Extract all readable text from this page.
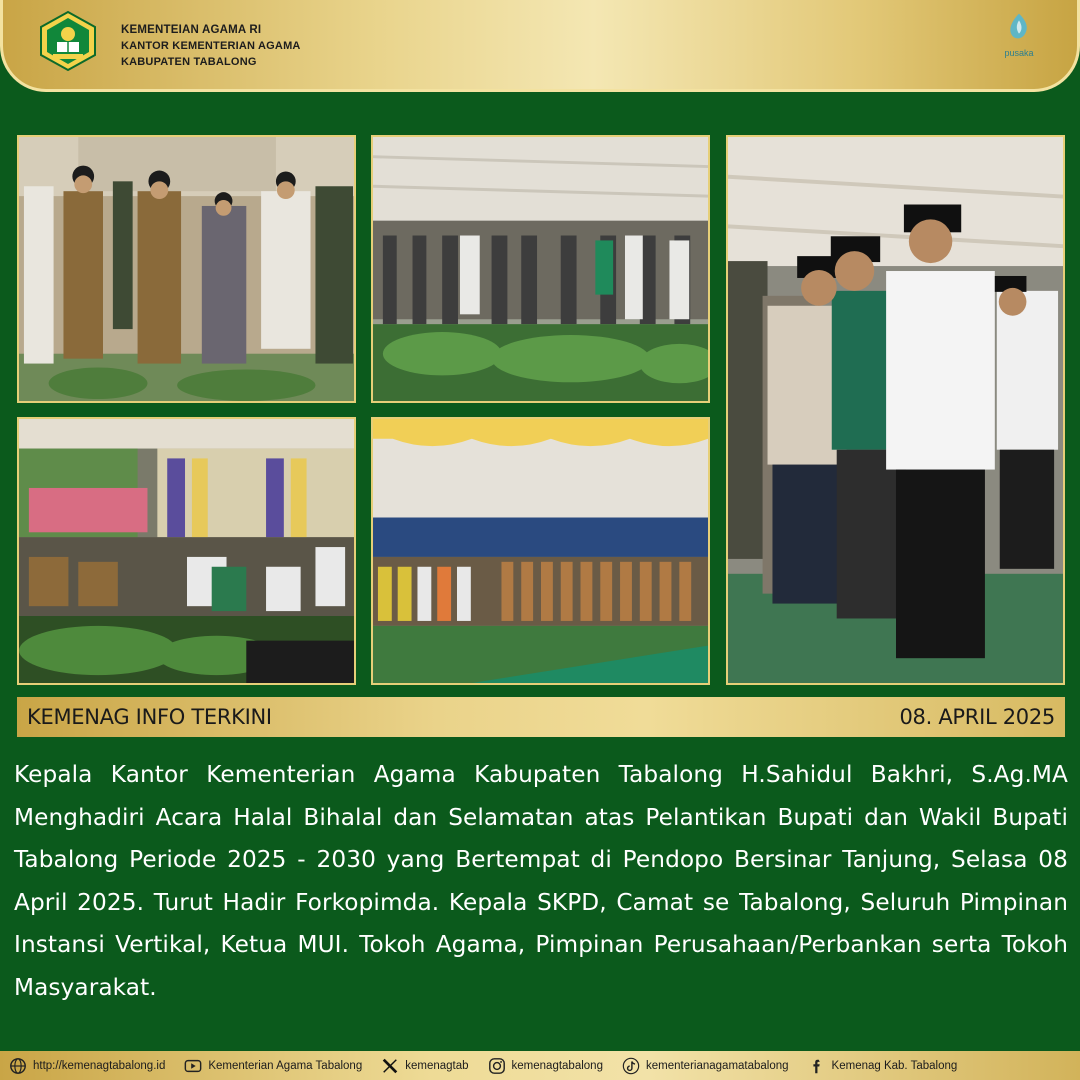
KEMENTEIAN AGAMA RI
KANTOR KEMENTERIAN AGAMA
KABUPATEN TABALONG
pusaka
KEMENAG INFO TERKINI	08. APRIL 2025
Kepala Kantor Kementerian Agama Kabupaten Tabalong H.Sahidul Bakhri, S.Ag.MA Menghadiri Acara Halal Bihalal dan Selamatan atas Pelantikan Bupati dan Wakil Bupati Tabalong Periode 2025 - 2030 yang Bertempat di Pendopo Bersinar Tanjung, Selasa 08 April 2025. Turut Hadir Forkopimda. Kepala SKPD, Camat se Tabalong, Seluruh Pimpinan Instansi Vertikal, Ketua MUI. Tokoh Agama, Pimpinan Perusahaan/Perbankan serta Tokoh Masyarakat.
http://kemenagtabalong.id	Kementerian Agama Tabalong	kemenagtab	kemenagtabalong	kementerianagamatabalong	Kemenag Kab. Tabalong
